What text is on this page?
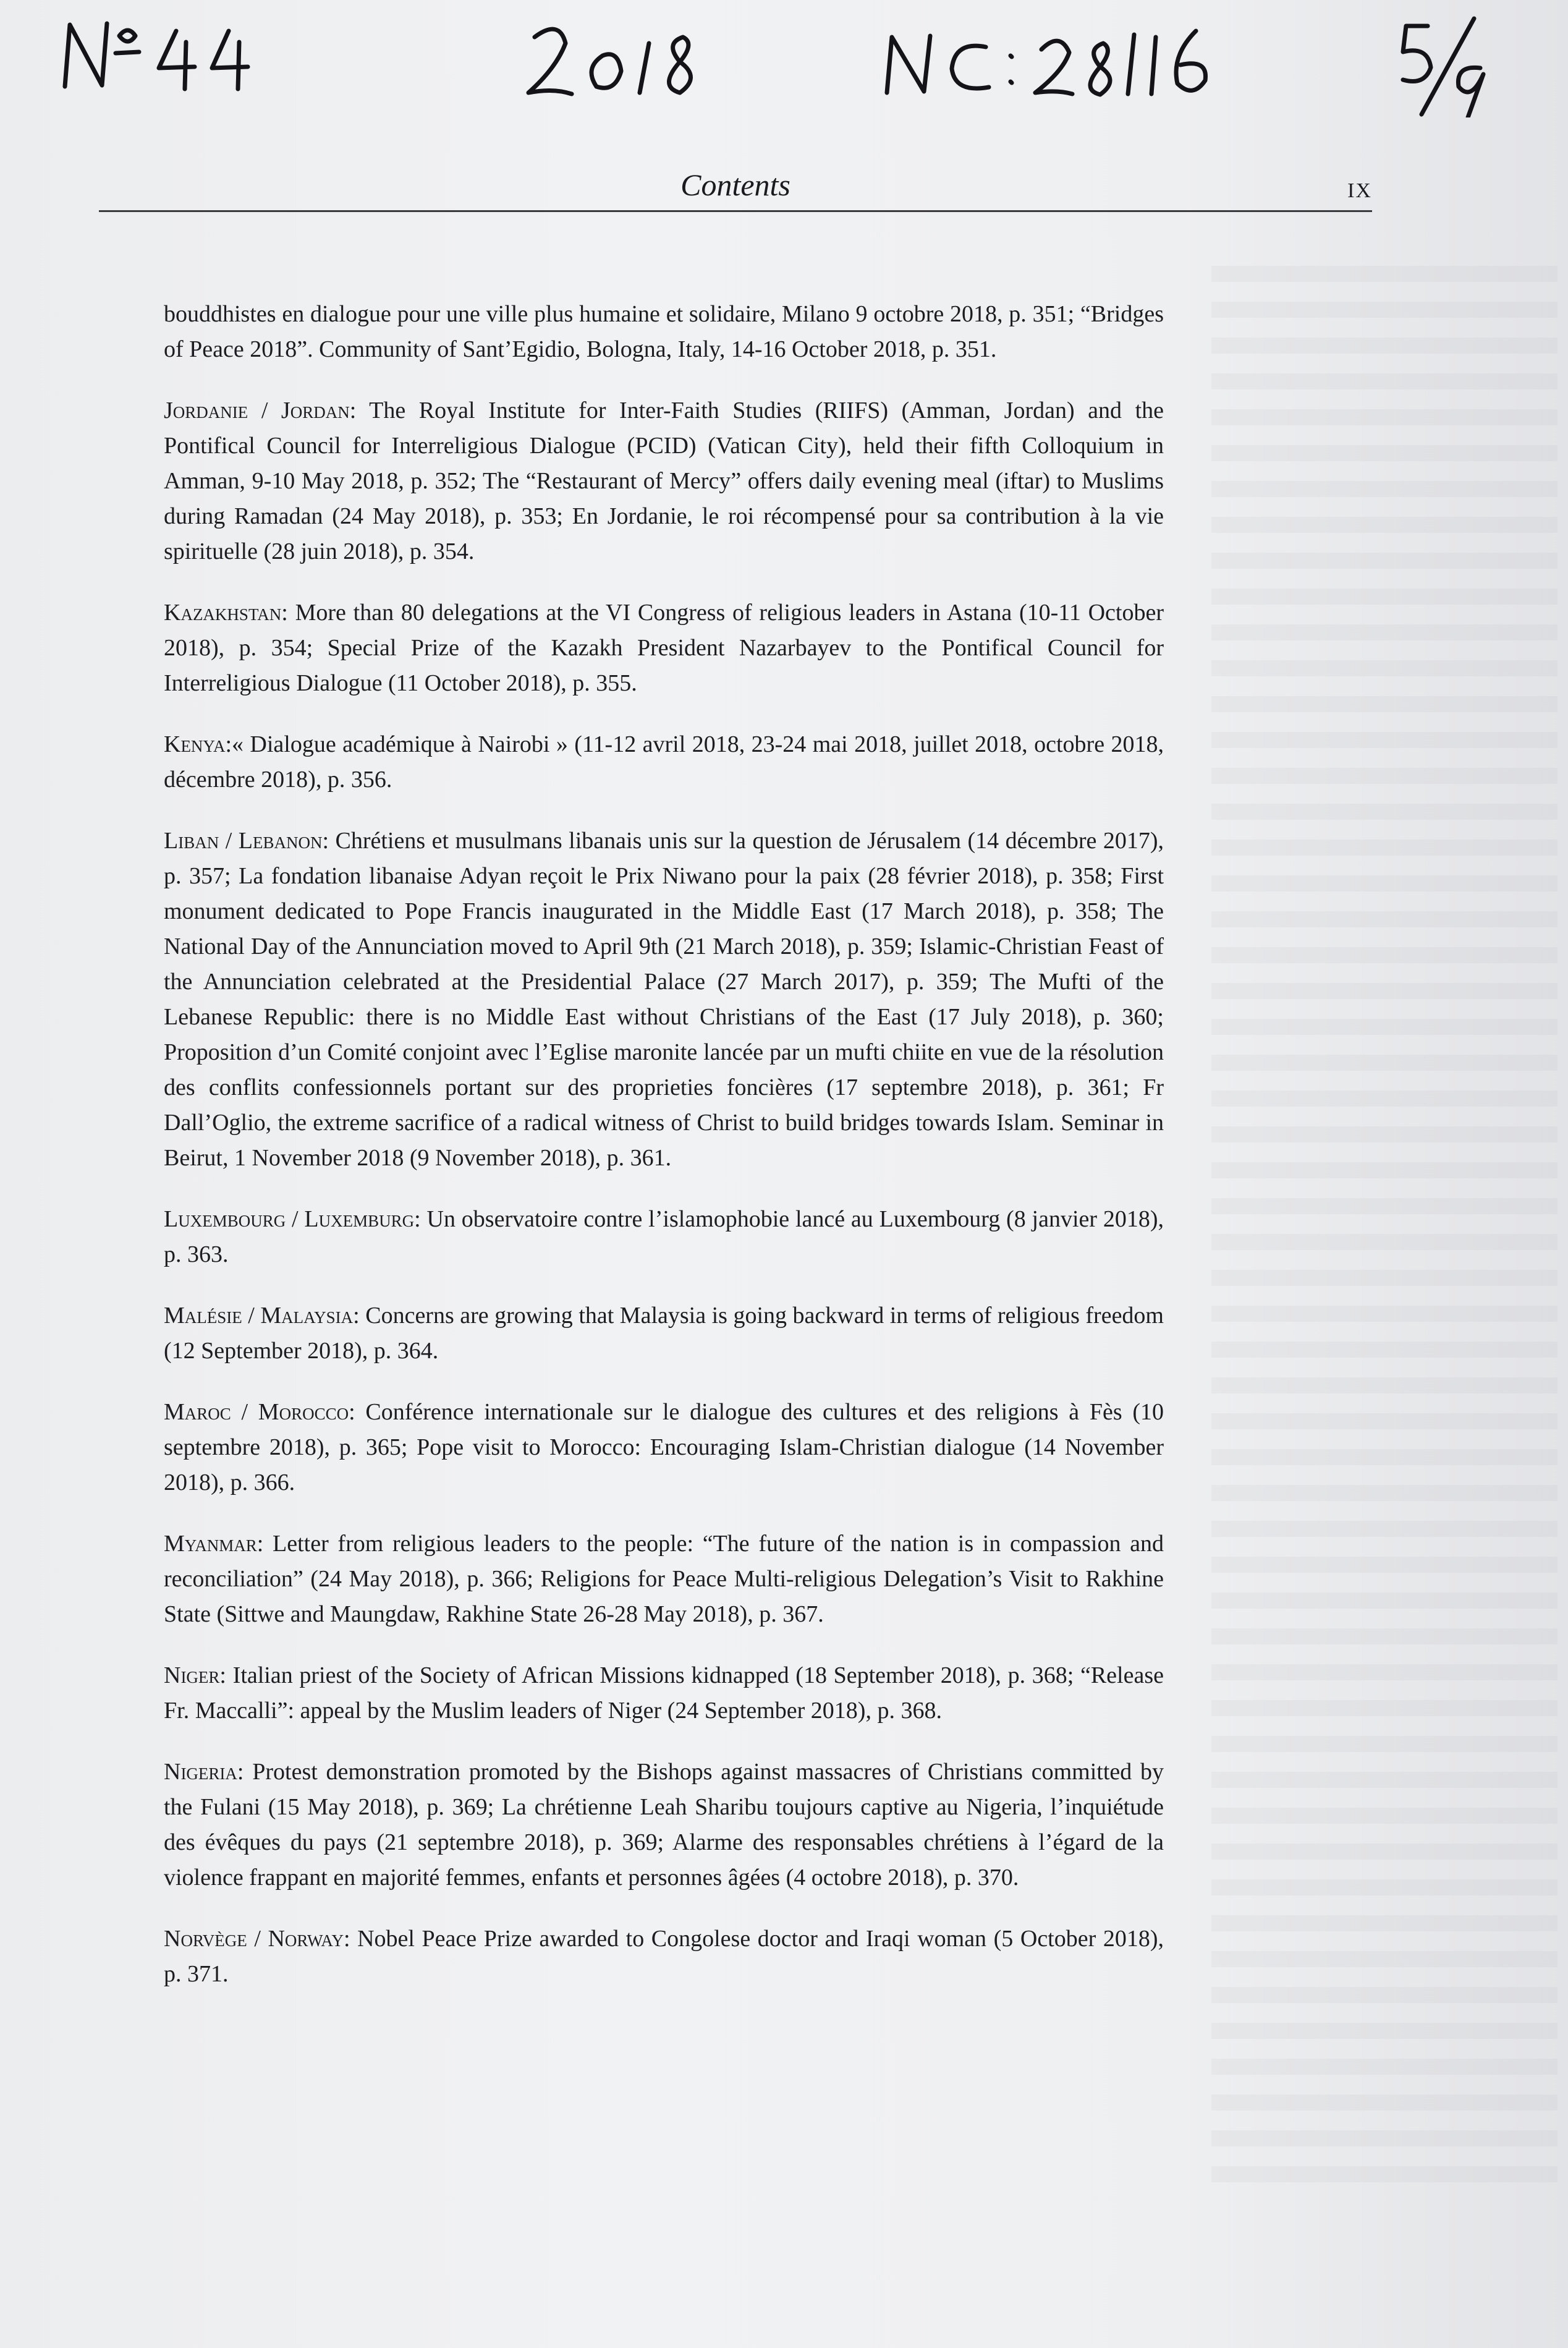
Contents	IX

bouddhistes en dialogue pour une ville plus humaine et solidaire, Milano 9 octobre 2018, p. 351; “Bridges of Peace 2018”. Community of Sant’Egidio, Bologna, Italy, 14-16 October 2018, p. 351.

Jordanie / Jordan: The Royal Institute for Inter-Faith Studies (RIIFS) (Amman, Jordan) and the Pontifical Council for Interreligious Dialogue (PCID) (Vatican City), held their fifth Colloquium in Amman, 9-10 May 2018, p. 352; The “Restaurant of Mercy” offers daily evening meal (iftar) to Muslims during Ramadan (24 May 2018), p. 353; En Jordanie, le roi récompensé pour sa contribution à la vie spirituelle (28 juin 2018), p. 354.

Kazakhstan: More than 80 delegations at the VI Congress of religious leaders in Astana (10-11 October 2018), p. 354; Special Prize of the Kazakh President Nazarbayev to the Pontifical Council for Interreligious Dialogue (11 October 2018), p. 355.

Kenya:« Dialogue académique à Nairobi » (11-12 avril 2018, 23-24 mai 2018, juillet 2018, octobre 2018, décembre 2018), p. 356.

Liban / Lebanon: Chrétiens et musulmans libanais unis sur la question de Jérusalem (14 décembre 2017), p. 357; La fondation libanaise Adyan reçoit le Prix Niwano pour la paix (28 février 2018), p. 358; First monument dedicated to Pope Francis inaugurated in the Middle East (17 March 2018), p. 358; The National Day of the Annunciation moved to April 9th (21 March 2018), p. 359; Islamic-Christian Feast of the Annunciation celebrated at the Presidential Palace (27 March 2017), p. 359; The Mufti of the Lebanese Republic: there is no Middle East without Christians of the East (17 July 2018), p. 360; Proposition d’un Comité conjoint avec l’Eglise maronite lancée par un mufti chiite en vue de la résolution des conflits confessionnels portant sur des proprieties foncières (17 septembre 2018), p. 361; Fr Dall’Oglio, the extreme sacrifice of a radical witness of Christ to build bridges towards Islam. Seminar in Beirut, 1 November 2018 (9 November 2018), p. 361.

Luxembourg / Luxemburg: Un observatoire contre l’islamophobie lancé au Luxembourg (8 janvier 2018), p. 363.

Malésie / Malaysia: Concerns are growing that Malaysia is going backward in terms of religious freedom (12 September 2018), p. 364.

Maroc / Morocco: Conférence internationale sur le dialogue des cultures et des religions à Fès (10 septembre 2018), p. 365; Pope visit to Morocco: Encouraging Islam-Christian dialogue (14 November 2018), p. 366.

Myanmar: Letter from religious leaders to the people: “The future of the nation is in compassion and reconciliation” (24 May 2018), p. 366; Religions for Peace Multi-religious Delegation’s Visit to Rakhine State (Sittwe and Maungdaw, Rakhine State 26-28 May 2018), p. 367.

Niger: Italian priest of the Society of African Missions kidnapped (18 September 2018), p. 368; “Release Fr. Maccalli”: appeal by the Muslim leaders of Niger (24 September 2018), p. 368.

Nigeria: Protest demonstration promoted by the Bishops against massacres of Christians committed by the Fulani (15 May 2018), p. 369; La chrétienne Leah Sharibu toujours captive au Nigeria, l’inquiétude des évêques du pays (21 septembre 2018), p. 369; Alarme des responsables chrétiens à l’égard de la violence frappant en majorité femmes, enfants et personnes âgées (4 octobre 2018), p. 370.

Norvège / Norway: Nobel Peace Prize awarded to Congolese doctor and Iraqi woman (5 October 2018), p. 371.
